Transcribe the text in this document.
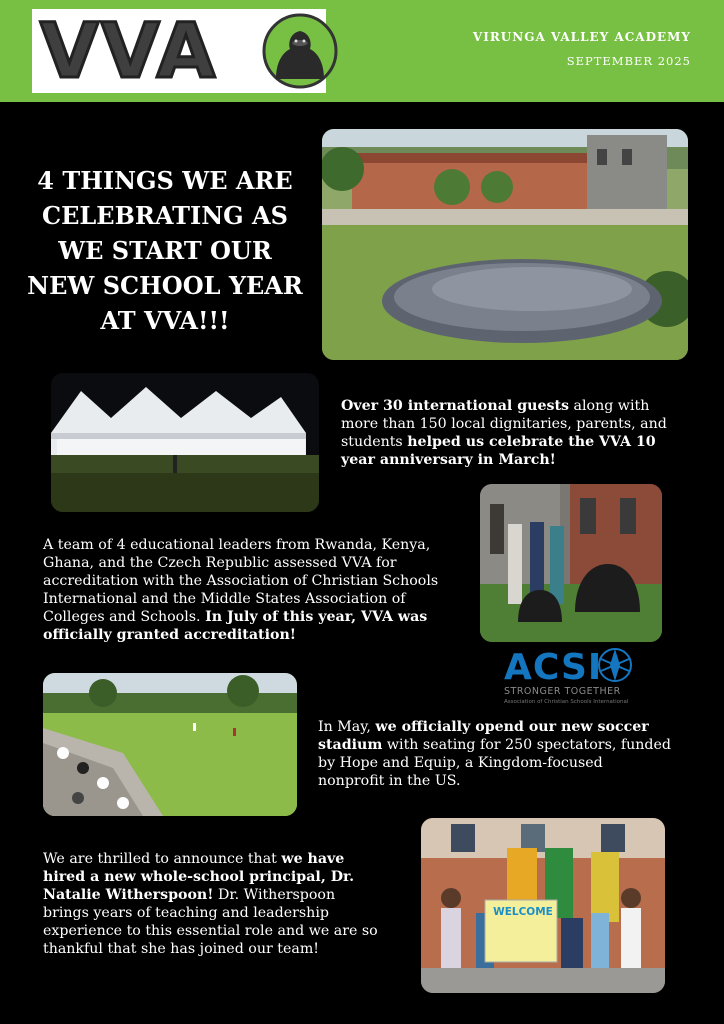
VVA	VIRUNGA VALLEY ACADEMY
SEPTEMBER 2025
4 THINGS WE ARE CELEBRATING AS WE START OUR NEW SCHOOL YEAR AT VVA!!!
Over 30 international guests along with more than 150 local dignitaries, parents, and students helped us celebrate the VVA 10 year anniversary in March!
A team of 4 educational leaders from Rwanda, Kenya, Ghana, and the Czech Republic assessed VVA for accreditation with the Association of Christian Schools International and the Middle States Association of Colleges and Schools. In July of this year, VVA was officially granted accreditation!
ACSI
STRONGER TOGETHER
Association of Christian Schools International
In May, we officially opend our new soccer stadium with seating for 250 spectators, funded by Hope and Equip, a Kingdom-focused nonprofit in the US.
WELCOME
We are thrilled to announce that we have hired a new whole-school principal, Dr. Natalie Witherspoon! Dr. Witherspoon brings years of teaching and leadership experience to this essential role and we are so thankful that she has joined our team!
